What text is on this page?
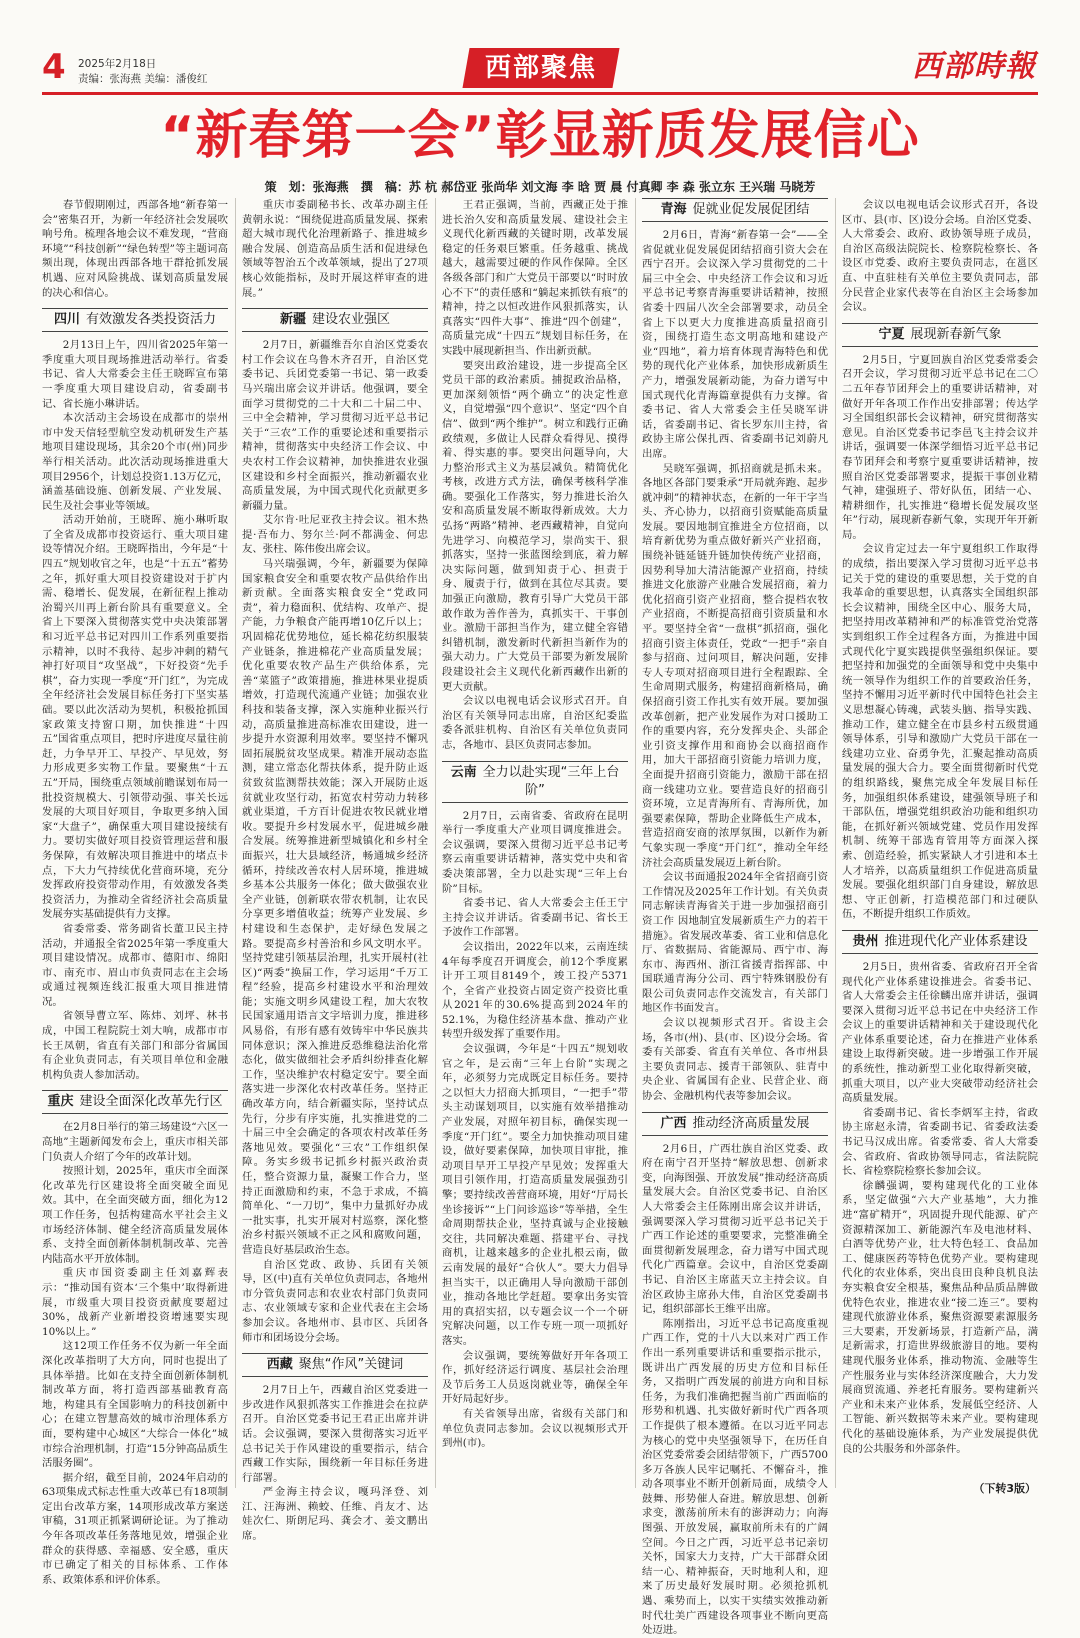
4 2025年2月18日
责编：张海燕 美编：潘俊红	西部聚焦	西部時報
“新春第一会”彰显新质发展信心
策　划：张海燕 撰　稿：苏 杭 郝岱亚 张尚华 刘文海 李 晗 贾 晨 付真卿 李 森 张立东 王兴瑞 马晓芳

春节假期刚过，西部各地“新春第一会”密集召开，为新一年经济社会发展吹响号角。梳理各地会议不难发现，“营商环境”“科技创新”“绿色转型”等主题词高频出现，体现出西部各地干群抢抓发展机遇、应对风险挑战、谋划高质量发展的决心和信心。

四川 有效激发各类投资活力

2月13日上午，四川省2025年第一季度重大项目现场推进活动举行。省委书记、省人大常委会主任王晓晖宣布第一季度重大项目建设启动，省委副书记、省长施小琳讲话。

本次活动主会场设在成都市的崇州市中发天信轻型航空发动机研发生产基地项目建设现场，其余20个市(州)同步举行相关活动。此次活动现场推进重大项目2956个，计划总投资1.13万亿元，涵盖基础设施、创新发展、产业发展、民生及社会事业等领域。

活动开始前，王晓晖、施小琳听取了全省及成都市投资运行、重大项目建设等情况介绍。王晓晖指出，今年是“十四五”规划收官之年，也是“十五五”蓄势之年，抓好重大项目投资建设对于扩内需、稳增长、促发展，在新征程上推动治蜀兴川再上新台阶具有重要意义。全省上下要深入贯彻落实党中央决策部署和习近平总书记对四川工作系列重要指示精神，以时不我待、起步冲刺的精气神打好项目“攻坚战”，下好投资“先手棋”，奋力实现一季度“开门红”，为完成全年经济社会发展目标任务打下坚实基础。要以此次活动为契机，积极抢抓国家政策支持窗口期，加快推进“十四五”国省重点项目，把时序进度尽量往前赶，力争早开工、早投产、早见效，努力形成更多实物工作量。要聚焦“十五五”开局，围绕重点领域前瞻谋划布局一批投资规模大、引领带动强、事关长远发展的大项目好项目，争取更多纳入国家“大盘子”，确保重大项目建设接续有力。要切实做好项目投资管理运营和服务保障，有效解决项目推进中的堵点卡点，下大力气持续优化营商环境，充分发挥政府投资带动作用，有效激发各类投资活力，为推动全省经济社会高质量发展夯实基础提供有力支撑。

省委常委、常务副省长董卫民主持活动，并通报全省2025年第一季度重大项目建设情况。成都市、德阳市、绵阳市、南充市、眉山市负责同志在主会场或通过视频连线汇报重大项目推进情况。

省领导曹立军、陈炜、刘坪、林书成，中国工程院院士刘大响，成都市市长王凤朝，省直有关部门和部分省属国有企业负责同志，有关项目单位和金融机构负责人参加活动。

重庆 建设全面深化改革先行区

在2月8日举行的第三场建设“六区一高地”主题新闻发布会上，重庆市相关部门负责人介绍了今年的改革计划。

按照计划，2025年，重庆市全面深化改革先行区建设将全面突破全面见效。其中，在全面突破方面，细化为12项工作任务，包括构建高水平社会主义市场经济体制、健全经济高质量发展体系、支持全面创新体制机制改革、完善内陆高水平开放体制。

重庆市国资委副主任刘嘉辉表示：“推动国有资本‘三个集中’取得新进展，市级重大项目投资贡献度要超过30%，战新产业新增投资增速要实现10%以上。”

这12项工作任务不仅为新一年全面深化改革指明了大方向，同时也提出了具体举措。比如在支持全面创新体制机制改革方面，将打造西部基础教育高地，构建具有全国影响力的科技创新中心；在建立智慧高效的城市治理体系方面，要构建中心城区“大综合一体化”城市综合治理机制，打造“15分钟高品质生活服务圈”。

据介绍，截至目前，2024年启动的63项集成式标志性重大改革已有18项制定出台改革方案，14项形成改革方案送审稿，31项正抓紧调研论证。为了推动今年各项改革任务落地见效，增强企业群众的获得感、幸福感、安全感，重庆市已确定了相关的目标体系、工作体系、政策体系和评价体系。

重庆市委副秘书长、改革办副主任黄朝永说：“围绕促进高质量发展、探索超大城市现代化治理新路子、推进城乡融合发展、创造高品质生活和促进绿色领域等智治五个改革领域，提出了27项核心效能指标，及时开展这样审查的进展。”

新疆 建设农业强区

2月7日，新疆维吾尔自治区党委农村工作会议在乌鲁木齐召开，自治区党委书记、兵团党委第一书记、第一政委马兴瑞出席会议并讲话。他强调，要全面学习贯彻党的二十大和二十届二中、三中全会精神，学习贯彻习近平总书记关于“三农”工作的重要论述和重要指示精神，贯彻落实中央经济工作会议、中央农村工作会议精神，加快推进农业强区建设和乡村全面振兴，推动新疆农业高质量发展，为中国式现代化贡献更多新疆力量。

艾尔肯·吐尼亚孜主持会议。祖木热提·吾布力、努尔兰·阿不都满金、何忠友、张柱、陈伟俊出席会议。

马兴瑞强调，今年，新疆要为保障国家粮食安全和重要农牧产品供给作出新贡献。全面落实粮食安全“党政同责”，着力稳面积、优结构、攻单产、提产能，力争粮食产能再增10亿斤以上；巩固棉花优势地位，延长棉花纺织服装产业链条，推进棉花产业高质量发展；优化重要农牧产品生产供给体系，完善“菜篮子”政策措施，推进林果业提质增效，打造现代流通产业链；加强农业科技和装备支撑，深入实施种业振兴行动，高质量推进高标准农田建设，进一步提升水资源利用效率。要坚持不懈巩固拓展脱贫攻坚成果。精准开展动态监测，建立常态化帮扶体系，提升防止返贫致贫监测帮扶效能；深入开展防止返贫就业攻坚行动，拓宽农村劳动力转移就业渠道，千方百计促进农牧民就业增收。要提升乡村发展水平，促进城乡融合发展。统筹推进新型城镇化和乡村全面振兴，壮大县域经济，畅通城乡经济循环，持续改善农村人居环境，推进城乡基本公共服务一体化；做大做强农业全产业链，创新联农带农机制，让农民分享更多增值收益；统筹产业发展、乡村建设和生态保护，走好绿色发展之路。要提高乡村善治和乡风文明水平。坚持党建引领基层治理，扎实开展村(社区)“两委”换届工作，学习运用“千万工程”经验，提高乡村建设水平和治理效能；实施文明乡风建设工程，加大农牧民国家通用语言文字培训力度，推进移风易俗，有形有感有效铸牢中华民族共同体意识；深入推进反恐维稳法治化常态化，做实做细社会矛盾纠纷排查化解工作，坚决维护农村稳定安宁。要全面落实进一步深化农村改革任务。坚持正确改革方向，结合新疆实际，坚持试点先行，分步有序实施，扎实推进党的二十届三中全会确定的各项农村改革任务落地见效。要强化“三农”工作组织保障。务实乡级书记抓乡村振兴政治责任，整合资源力量，凝聚工作合力，坚持正面激励和约束，不急于求成，不搞简单化、“一刀切”，集中力量抓好办成一批实事，扎实开展对村巡察，深化整治乡村振兴领域不正之风和腐败问题，营造良好基层政治生态。

自治区党政、政协、兵团有关领导，区(中)直有关单位负责同志，各地州市分管负责同志和农业农村部门负责同志、农业领域专家和企业代表在主会场参加会议。各地州市、县市区、兵团各师市和团场设分会场。

西藏 聚焦“作风”关键词

2月7日上午，西藏自治区党委进一步改进作风狠抓落实工作推进会在拉萨召开。自治区党委书记王君正出席并讲话。会议强调，要深入贯彻落实习近平总书记关于作风建设的重要指示，结合西藏工作实际，围绕新一年目标任务进行部署。

严金海主持会议，嘎玛泽登、刘江、汪海洲、赖蛟、任维、肖友才、达娃次仁、斯朗尼玛、龚会才、姜文鹏出席。

王君正强调，当前，西藏正处于推进长治久安和高质量发展、建设社会主义现代化新西藏的关键时期，改革发展稳定的任务艰巨繁重。任务越重、挑战越大，越需要过硬的作风作保障。全区各级各部门和广大党员干部要以“时时放心不下”的责任感和“躺起来抓铁有痕”的精神，持之以恒改进作风狠抓落实，认真落实“四件大事”、推进“四个创建”，高质量完成“十四五”规划目标任务，在实践中展现新担当、作出新贡献。

要突出政治建设，进一步提高全区党员干部的政治素质。捕捉政治品格，更加深刻领悟“两个确立”的决定性意义，自觉增强“四个意识”、坚定“四个自信”、做到“两个维护”。树立和践行正确政绩观，多做让人民群众看得见、摸得着、得实惠的事。要突出问题导向，大力整治形式主义为基层减负。精简优化考核，改进方式方法，确保考核科学准确。要强化工作落实，努力推进长治久安和高质量发展不断取得新成效。大力弘扬“两路”精神、老西藏精神，自觉向先进学习、向模范学习，崇尚实干、狠抓落实，坚持一张蓝图绘到底，着力解决实际问题，做到知责于心、担责于身、履责于行，做到在其位尽其责。要加强正向激励，教育引导广大党员干部敢作敢为善作善为，真抓实干、干事创业。激励干部担当作为，建立健全容错纠错机制，激发新时代新担当新作为的强大动力。广大党员干部要为新发展阶段建设社会主义现代化新西藏作出新的更大贡献。

会议以电视电话会议形式召开。自治区有关领导同志出席，自治区纪委监委各派驻机构、自治区有关单位负责同志，各地市、县区负责同志参加。

云南 全力以赴实现“三年上台阶”

2月7日，云南省委、省政府在昆明举行一季度重大产业项目调度推进会。会议强调，要深入贯彻习近平总书记考察云南重要讲话精神，落实党中央和省委决策部署，全力以赴实现“三年上台阶”目标。

省委书记、省人大常委会主任王宁主持会议并讲话。省委副书记、省长王予波作工作部署。

会议指出，2022年以来，云南连续4年每季度召开调度会，前12个季度累计开工项目8149个，竣工投产5371个，全省产业投资占固定资产投资比重从2021年的30.6%提高到2024年的52.1%，为稳住经济基本盘、推动产业转型升级发挥了重要作用。

会议强调，今年是“十四五”规划收官之年，是云南“三年上台阶”实现之年，必须努力完成既定目标任务。要持之以恒大力招商大抓项目，“一把手”带头主动谋划项目，以实施有效举措推动产业发展，对照年初目标，确保实现一季度“开门红”。要全力加快推动项目建设，做好要素保障，加快项目审批，推动项目早开工早投产早见效；发挥重大项目引领作用，打造高质量发展强劲引擎；要持续改善营商环境，用好“厅局长坐诊接诉”“上门问诊巡诊”等举措，全生命周期帮扶企业，坚持真诚与企业接触交往，共同解决难题、搭建平台、寻找商机，让越来越多的企业扎根云南，做云南发展的最好“合伙人”。要大力倡导担当实干，以正确用人导向激励干部创业，推动各地比学赶超。要拿出务实管用的真招实招，以专题会议一个一个研究解决问题，以工作专班一项一项抓好落实。

会议强调，要统筹做好开年各项工作，抓好经济运行调度、基层社会治理及节后务工人员返岗就业等，确保全年开好局起好步。

有关省领导出席，省级有关部门和单位负责同志参加。会议以视频形式开到州(市)。

青海 促就业促发展促团结

2月6日，青海“新春第一会”——全省促就业促发展促团结招商引资大会在西宁召开。会议深入学习贯彻党的二十届三中全会、中央经济工作会议和习近平总书记考察青海重要讲话精神，按照省委十四届八次全会部署要求，动员全省上下以更大力度推进高质量招商引资，围绕打造生态文明高地和建设产业“四地”，着力培育体现青海特色和优势的现代化产业体系，加快形成新质生产力，增强发展新动能，为奋力谱写中国式现代化青海篇章提供有力支撑。省委书记、省人大常委会主任吴晓军讲话，省委副书记、省长罗东川主持，省政协主席公保扎西、省委副书记刘蔚凡出席。

吴晓军强调，抓招商就是抓未来。各地区各部门要秉承“开局就奔跑、起步就冲刺”的精神状态，在新的一年干字当头、齐心协力，以招商引资赋能高质量发展。要因地制宜推进全方位招商，以培育新优势为重点做好新兴产业招商，围绕补链延链升链加快传统产业招商，因势利导加大清洁能源产业招商，持续推进文化旅游产业融合发展招商，着力优化招商引资产业招商，整合提档农牧产业招商，不断提高招商引资质量和水平。要坚持全省“一盘棋”抓招商，强化招商引资主体责任，党政“一把手”亲自参与招商、过问项目，解决问题，安排专人专项对招商项目进行全程跟踪、全生命周期式服务，构建招商新格局，确保招商引资工作扎实有效开展。要加强改革创新，把产业发展作为对口援助工作的重要内容，充分发挥央企、头部企业引资支撑作用和商协会以商招商作用，加大干部招商引资能力培训力度，全面提升招商引资能力，激励干部在招商一线建功立业。要营造良好的招商引资环境，立足青海所有、青海所优，加强要素保障，帮助企业降低生产成本，营造招商安商的浓厚氛围，以新作为新气象实现一季度“开门红”，推动全年经济社会高质量发展迈上新台阶。

会议书面通报2024年全省招商引资工作情况及2025年工作计划。有关负责同志解读青海省关于进一步加强招商引资工作 因地制宜发展新质生产力的若干措施》。省发展改革委、省工业和信息化厅、省数据局、省能源局、西宁市、海东市、海西州、浙江省援青指挥部、中国联通青海分公司、西宁特殊钢股份有限公司负责同志作交流发言，有关部门地区作书面发言。

会议以视频形式召开。省设主会场，各市(州)、县(市、区)设分会场。省委有关部委、省直有关单位、各市州县主要负责同志、援青干部领队、驻青中央企业、省属国有企业、民营企业、商协会、金融机构代表等参加会议。

广西 推动经济高质量发展

2月6日，广西壮族自治区党委、政府在南宁召开坚持“解放思想、创新求变，向海图强、开放发展”推动经济高质量发展大会。自治区党委书记、自治区人大常委会主任陈刚出席会议并讲话，强调要深入学习贯彻习近平总书记关于广西工作论述的重要要求，完整准确全面贯彻新发展理念，奋力谱写中国式现代化广西篇章。会议中，自治区党委副书记、自治区主席蓝天立主持会议。自治区政协主席孙大伟，自治区党委副书记，组织部部长王维平出席。

陈刚指出，习近平总书记高度重视广西工作，党的十八大以来对广西工作作出一系列重要讲话和重要指示批示，既讲出广西发展的历史方位和目标任务，又指明广西发展的前进方向和目标任务，为我们准确把握当前广西面临的形势和机遇、扎实做好新时代广西各项工作提供了根本遵循。在以习近平同志为核心的党中央坚强领导下，在历任自治区党委常委会团结带领下，广西5700多万各族人民牢记嘱托、不懈奋斗，推动各项事业不断开创新局面，成绩令人鼓舞、形势催人奋进。解放思想、创新求变，激荡前所未有的澎湃动力；向海图强、开放发展，赢取前所未有的广阔空间。今日之广西，习近平总书记亲切关怀，国家大力支持，广大干部群众团结一心、精神振奋，天时地利人和，迎来了历史最好发展时期。必须抢抓机遇、乘势而上，以实干实绩实效推动新时代壮美广西建设各项事业不断向更高处迈进。

会议以电视电话会议形式召开，各设区市、县(市、区)设分会场。自治区党委、人大常委会、政府、政协领导班子成员，自治区高级法院院长、检察院检察长、各设区市党委、政府主要负责同志，在邕区直、中直驻桂有关单位主要负责同志，部分民营企业家代表等在自治区主会场参加会议。

宁夏 展现新春新气象

2月5日，宁夏回族自治区党委常委会召开会议，学习贯彻习近平总书记在二〇二五年春节团拜会上的重要讲话精神，对做好开年各项工作作出安排部署；传达学习全国组织部长会议精神，研究贯彻落实意见。自治区党委书记李邑飞主持会议并讲话，强调要一体深学细悟习近平总书记春节团拜会和考察宁夏重要讲话精神，按照自治区党委部署要求，提振干事创业精气神，建强班子、带好队伍，团结一心、精耕细作，扎实推进“稳增长促发展攻坚年”行动，展现新春新气象，实现开年开新局。

会议肯定过去一年宁夏组织工作取得的成绩，指出要深入学习贯彻习近平总书记关于党的建设的重要思想，关于党的自我革命的重要思想，认真落实全国组织部长会议精神，围绕全区中心、服务大局，把坚持用改革精神和严的标准管党治党落实到组织工作全过程各方面，为推进中国式现代化宁夏实践提供坚强组织保证。要把坚持和加强党的全面领导和党中央集中统一领导作为组织工作的首要政治任务，坚持不懈用习近平新时代中国特色社会主义思想凝心铸魂，武装头脑、指导实践、推动工作，建立健全在市县乡村五级贯通领导体系，引导和激励广大党员干部在一线建功立业、奋勇争先，汇聚起推动高质量发展的强大合力。要全面贯彻新时代党的组织路线，聚焦完成全年发展目标任务，加强组织体系建设，建强领导班子和干部队伍，增强党组织政治功能和组织功能，在抓好新兴领域党建、党员作用发挥机制、统筹干部选育管用等方面深入探索、创造经验，抓实紧缺人才引进和本土人才培养，以高质量组织工作促进高质量发展。要强化组织部门自身建设，解放思想、守正创新，打造模范部门和过硬队伍，不断提升组织工作质效。

贵州 推进现代化产业体系建设

2月5日，贵州省委、省政府召开全省现代化产业体系建设推进会。省委书记、省人大常委会主任徐麟出席并讲话，强调要深入贯彻习近平总书记在中央经济工作会议上的重要讲话精神和关于建设现代化产业体系重要论述，奋力在推进产业体系建设上取得新突破。进一步增强工作开展的系统性，推动新型工业化取得新突破，抓重大项目，以产业大突破带动经济社会高质量发展。

省委副书记、省长李炳军主持，省政协主席赵永清，省委副书记、省委政法委书记马汉成出席。省委常委、省人大常委会、省政府、省政协领导同志，省法院院长、省检察院检察长参加会议。

徐麟强调，要构建现代化的工业体系，坚定做强“六大产业基地”，大力推进“富矿精开”，巩固提升现代能源、矿产资源精深加工、新能源汽车及电池材料、白酒等优势产业，壮大特色轻工、食品加工、健康医药等特色优势产业。要构建现代化的农业体系，突出良田良种良机良法夯实粮食安全根基，聚焦品种品质品牌做优特色农业，推进农业“接二连三”。要构建现代旅游业体系，聚焦资源要素源服务三大要素，开发新场景，打造新产品，满足新需求，打造世界级旅游目的地。要构建现代服务业体系，推动物流、金融等生产性服务业与实体经济深度融合，大力发展商贸流通、养老托育服务。要构建新兴产业和未来产业体系，发展低空经济、人工智能、新兴数据等未来产业。要构建现代化的基础设施体系，为产业发展提供优良的公共服务和外部条件。

（下转3版）
